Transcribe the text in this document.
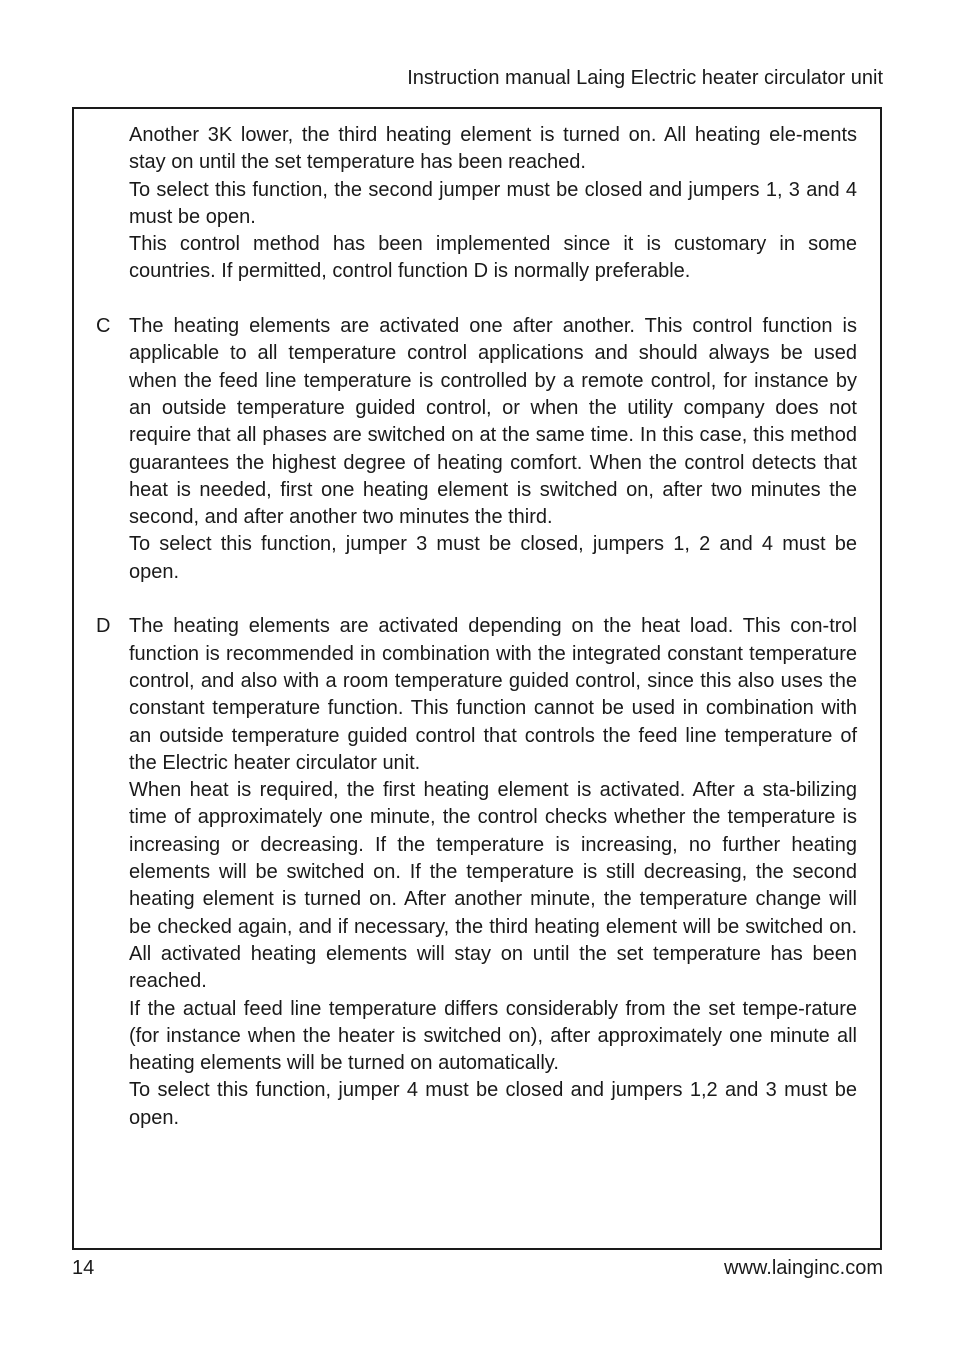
Instruction manual Laing Electric heater circulator unit

Another 3K lower, the third heating element is turned on. All heating ele-ments stay on until the set temperature has been reached.

To select this function, the second jumper must be closed and jumpers 1, 3 and 4 must be open.

This control method has been implemented since it is customary in some countries. If permitted, control function D is normally preferable.

C The heating elements are activated one after another. This control function is applicable to all temperature control applications and should always be used when the feed line temperature is controlled by a remote control, for instance by an outside temperature guided control, or when the utility company does not require that all phases are switched on at the same time. In this case, this method guarantees the highest degree of heating comfort. When the control detects that heat is needed, first one heating element is switched on, after two minutes the second, and after another two minutes the third.

To select this function, jumper 3 must be closed, jumpers 1, 2 and 4 must be open.

D The heating elements are activated depending on the heat load. This con-trol function is recommended in combination with the integrated constant temperature control, and also with a room temperature guided control, since this also uses the constant temperature function. This function cannot be used in combination with an outside temperature guided control that controls the feed line temperature of the Electric heater circulator unit.

When heat is required, the first heating element is activated. After a sta-bilizing time of approximately one minute, the control checks whether the temperature is increasing or decreasing. If the temperature is increasing, no further heating elements will be switched on. If the temperature is still decreasing, the second heating element is turned on. After another minute, the temperature change will be checked again, and if necessary, the third heating element will be switched on. All activated heating elements will stay on until the set temperature has been reached.

If the actual feed line temperature differs considerably from the set tempe-rature (for instance when the heater is switched on), after approximately one minute all heating elements will be turned on automatically.

To select this function, jumper 4 must be closed and jumpers 1,2 and 3 must be open.

14	www.lainginc.com
